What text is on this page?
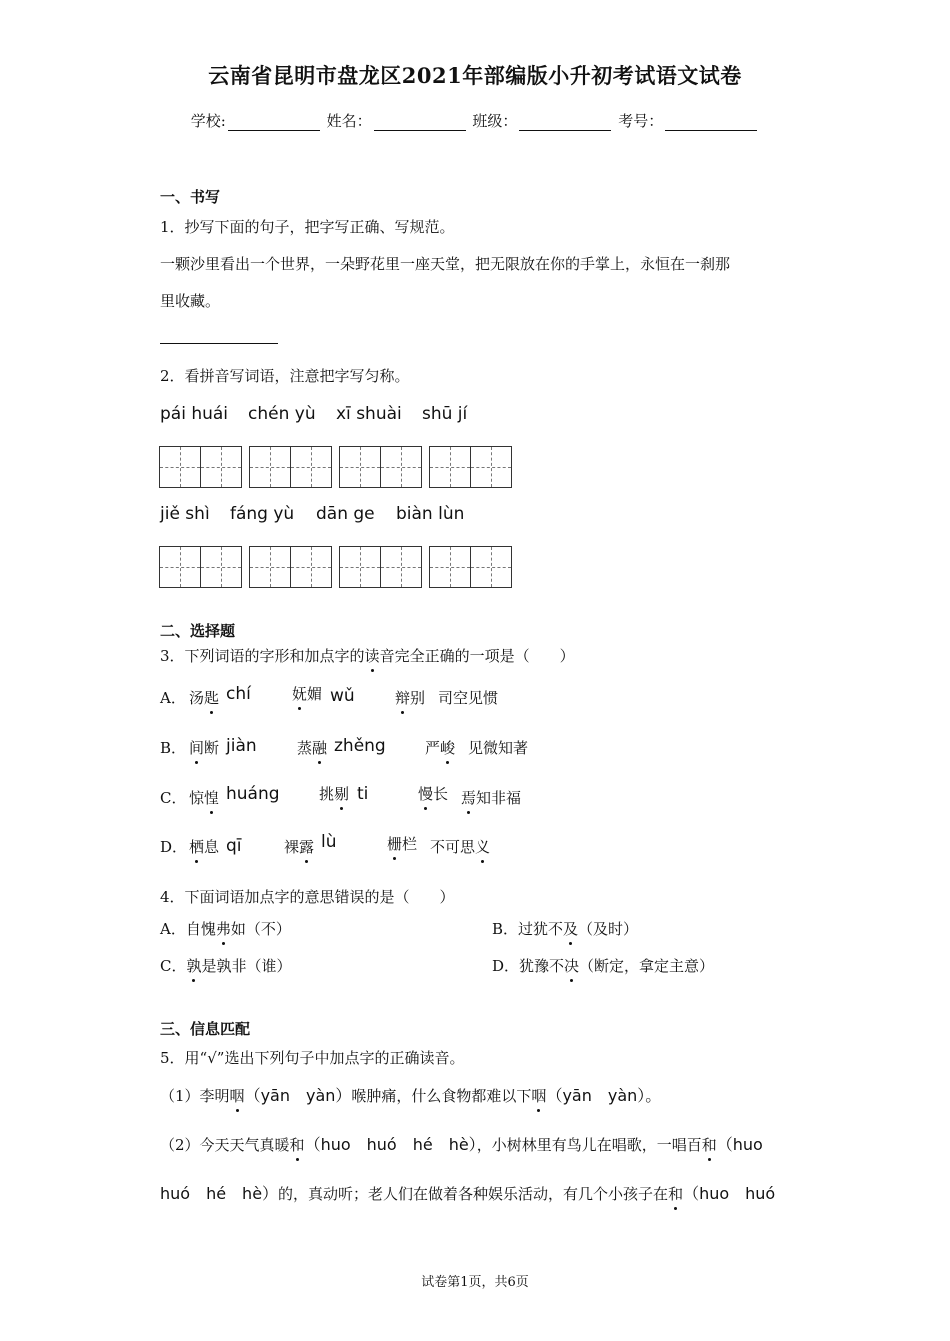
云南省昆明市盘龙区2021年部编版小升初考试语文试卷
学校:	姓名：	班级：	考号：
一、书写
1．抄写下面的句子，把字写正确、写规范。
一颗沙里看出一个世界，一朵野花里一座天堂，把无限放在你的手掌上，永恒在一刹那
里收藏。
2．看拼音写词语，注意把字写匀称。
pái huái chén yù xī shuài shū jí
jiě shì fáng yù dān ge biàn lùn
二、选择题
3．下列词语的字形和加点字的读音完全正确的一项是（　　）
A． 汤匙 chí	妩媚 wǔ	辩别 司空见惯
B． 间断 jiàn	蒸融 zhěng	严峻 见微知著
C． 惊惶 huáng	挑剔 ti	慢长 焉知非福
D． 栖息 qī	裸露 lù	栅栏 不可思义
4．下面词语加点字的意思错误的是（　　）
A．自愧弗如（不）	B．过犹不及（及时）
C．孰是孰非（谁）	D．犹豫不决（断定，拿定主意）
三、信息匹配
5．用“√”选出下列句子中加点字的正确读音。
（1）李明咽（yān　yàn）喉肿痛，什么食物都难以下咽（yān　yàn）。
（2）今天天气真暖和（huo　huó　hé　hè），小树林里有鸟儿在唱歌，一唱百和（huo
huó　hé　hè）的，真动听；老人们在做着各种娱乐活动，有几个小孩子在和（huo　huó
试卷第1页，共6页
